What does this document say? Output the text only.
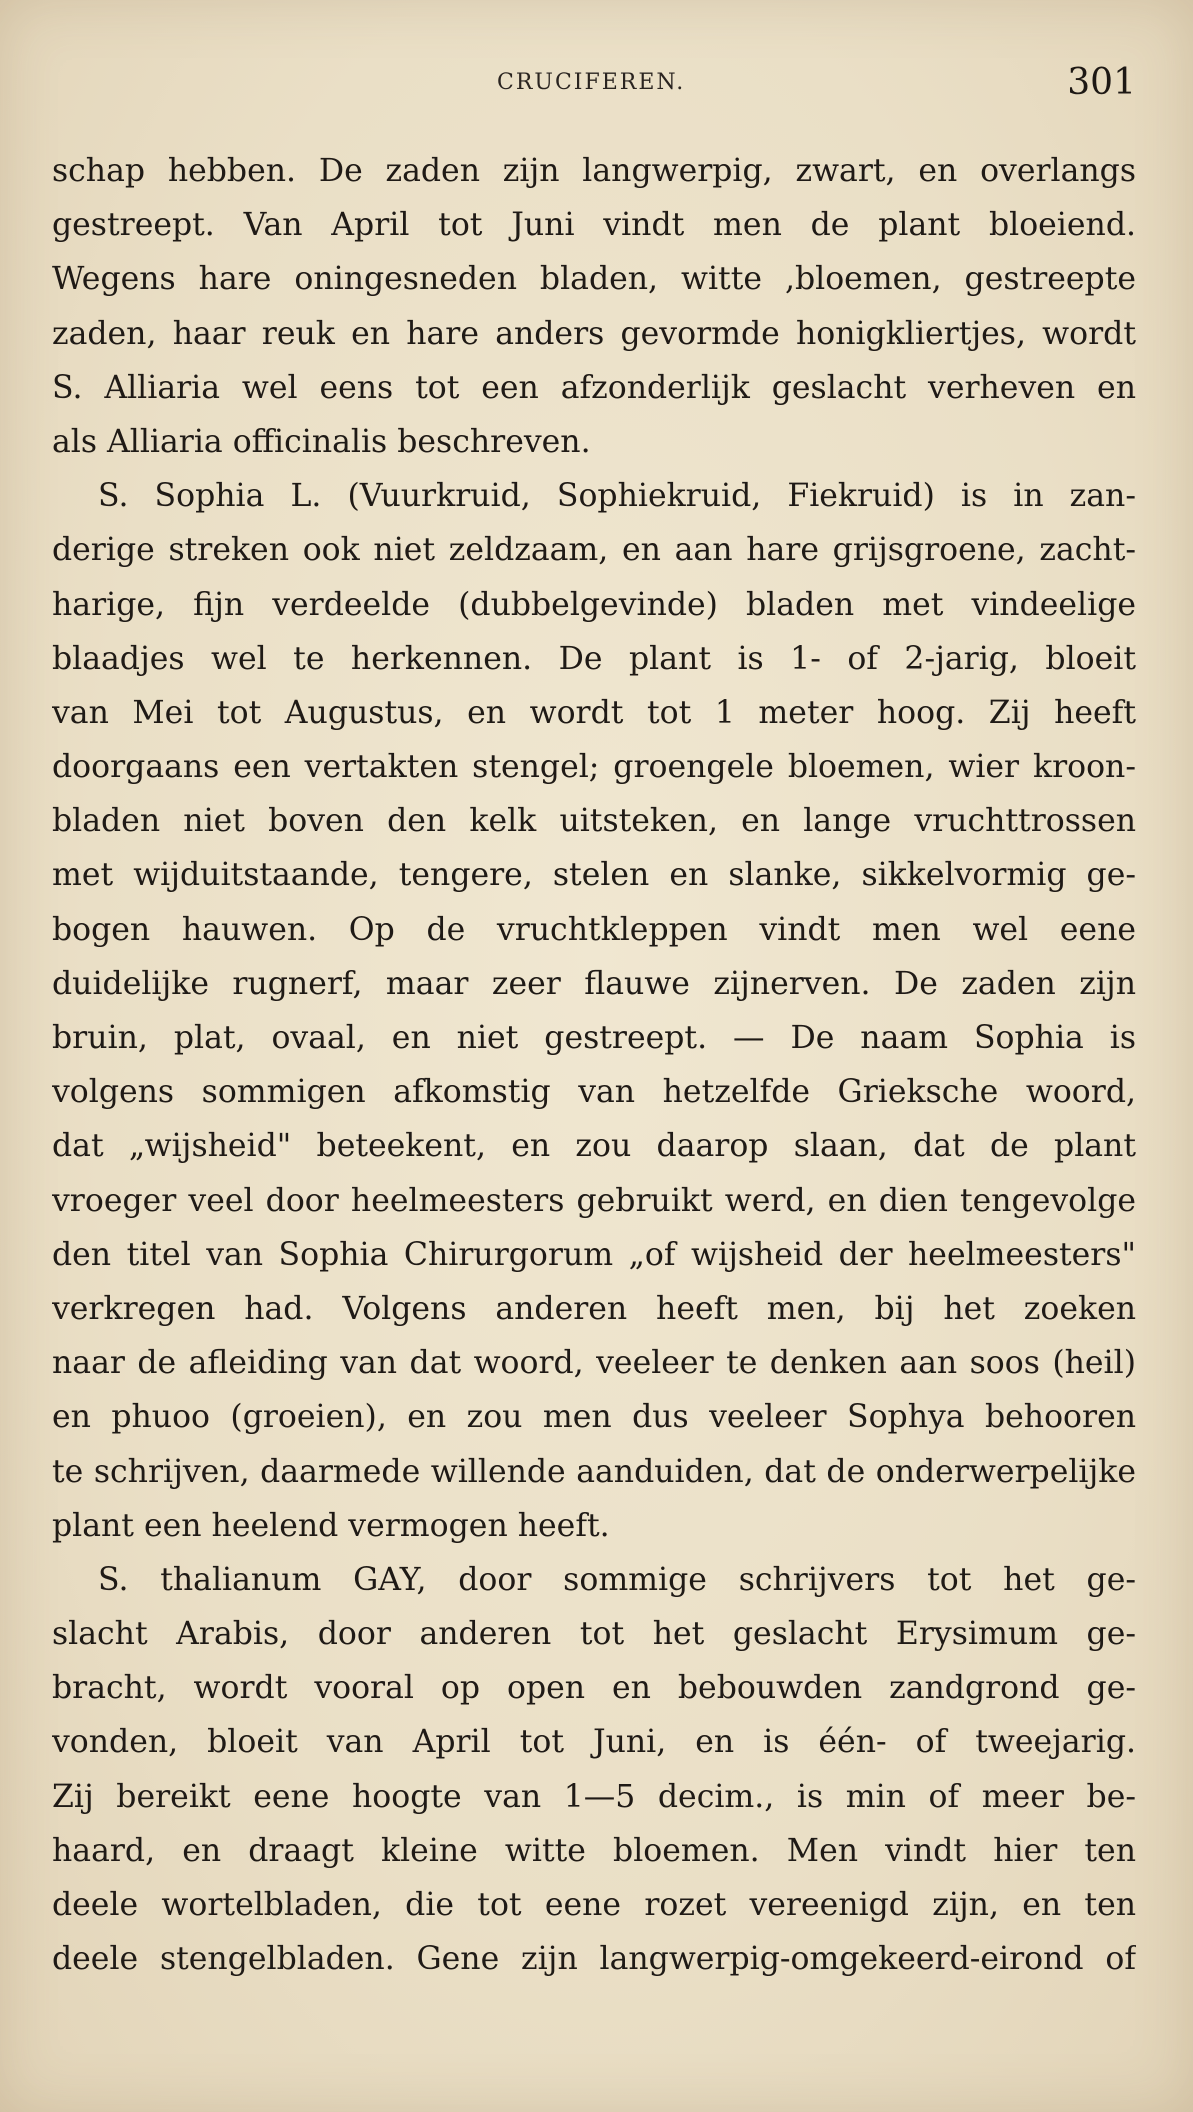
CRUCIFEREN.	301
schap hebben. De zaden zijn langwerpig, zwart, en overlangs
gestreept. Van April tot Juni vindt men de plant bloeiend.
Wegens hare oningesneden bladen, witte ,bloemen, gestreepte
zaden, haar reuk en hare anders gevormde honigkliertjes, wordt
S. Alliaria wel eens tot een afzonderlijk geslacht verheven en
als Alliaria officinalis beschreven.
S. Sophia L. (Vuurkruid, Sophiekruid, Fiekruid) is in zan-
derige streken ook niet zeldzaam, en aan hare grijsgroene, zacht-
harige, fijn verdeelde (dubbelgevinde) bladen met vindeelige
blaadjes wel te herkennen. De plant is 1- of 2-jarig, bloeit
van Mei tot Augustus, en wordt tot 1 meter hoog. Zij heeft
doorgaans een vertakten stengel; groengele bloemen, wier kroon-
bladen niet boven den kelk uitsteken, en lange vruchttrossen
met wijduitstaande, tengere, stelen en slanke, sikkelvormig ge-
bogen hauwen. Op de vruchtkleppen vindt men wel eene
duidelijke rugnerf, maar zeer flauwe zijnerven. De zaden zijn
bruin, plat, ovaal, en niet gestreept. — De naam Sophia is
volgens sommigen afkomstig van hetzelfde Grieksche woord,
dat „wijsheid" beteekent, en zou daarop slaan, dat de plant
vroeger veel door heelmeesters gebruikt werd, en dien tengevolge
den titel van Sophia Chirurgorum „of wijsheid der heelmeesters"
verkregen had. Volgens anderen heeft men, bij het zoeken
naar de afleiding van dat woord, veeleer te denken aan soos (heil)
en phuoo (groeien), en zou men dus veeleer Sophya behooren
te schrijven, daarmede willende aanduiden, dat de onderwerpelijke
plant een heelend vermogen heeft.
S. thalianum GAY, door sommige schrijvers tot het ge-
slacht Arabis, door anderen tot het geslacht Erysimum ge-
bracht, wordt vooral op open en bebouwden zandgrond ge-
vonden, bloeit van April tot Juni, en is één- of tweejarig.
Zij bereikt eene hoogte van 1—5 decim., is min of meer be-
haard, en draagt kleine witte bloemen. Men vindt hier ten
deele wortelbladen, die tot eene rozet vereenigd zijn, en ten
deele stengelbladen. Gene zijn langwerpig-omgekeerd-eirond of
